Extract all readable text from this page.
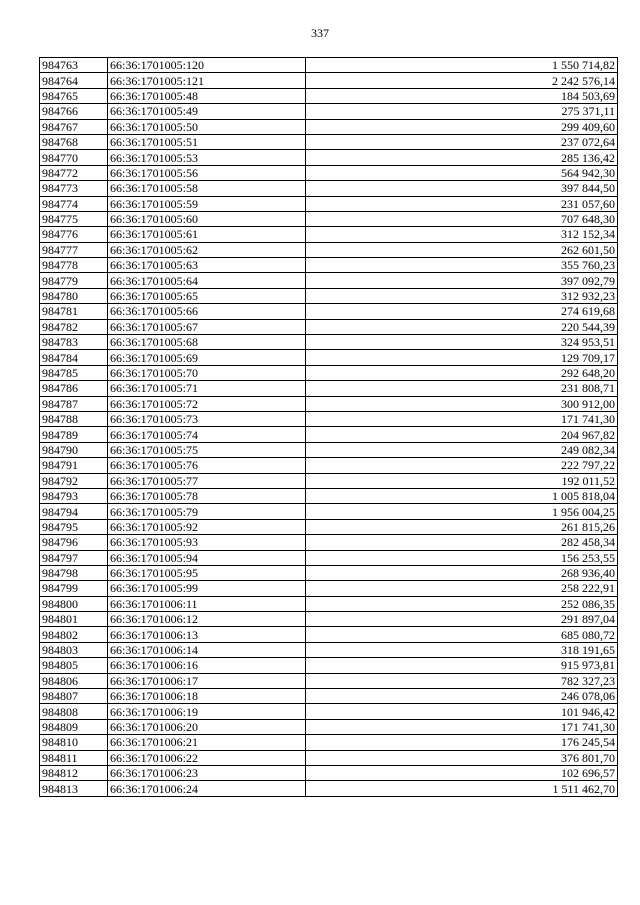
337
984763	66:36:1701005:120	1 550 714,82
984764	66:36:1701005:121	2 242 576,14
984765	66:36:1701005:48	184 503,69
984766	66:36:1701005:49	275 371,11
984767	66:36:1701005:50	299 409,60
984768	66:36:1701005:51	237 072,64
984770	66:36:1701005:53	285 136,42
984772	66:36:1701005:56	564 942,30
984773	66:36:1701005:58	397 844,50
984774	66:36:1701005:59	231 057,60
984775	66:36:1701005:60	707 648,30
984776	66:36:1701005:61	312 152,34
984777	66:36:1701005:62	262 601,50
984778	66:36:1701005:63	355 760,23
984779	66:36:1701005:64	397 092,79
984780	66:36:1701005:65	312 932,23
984781	66:36:1701005:66	274 619,68
984782	66:36:1701005:67	220 544,39
984783	66:36:1701005:68	324 953,51
984784	66:36:1701005:69	129 709,17
984785	66:36:1701005:70	292 648,20
984786	66:36:1701005:71	231 808,71
984787	66:36:1701005:72	300 912,00
984788	66:36:1701005:73	171 741,30
984789	66:36:1701005:74	204 967,82
984790	66:36:1701005:75	249 082,34
984791	66:36:1701005:76	222 797,22
984792	66:36:1701005:77	192 011,52
984793	66:36:1701005:78	1 005 818,04
984794	66:36:1701005:79	1 956 004,25
984795	66:36:1701005:92	261 815,26
984796	66:36:1701005:93	282 458,34
984797	66:36:1701005:94	156 253,55
984798	66:36:1701005:95	268 936,40
984799	66:36:1701005:99	258 222,91
984800	66:36:1701006:11	252 086,35
984801	66:36:1701006:12	291 897,04
984802	66:36:1701006:13	685 080,72
984803	66:36:1701006:14	318 191,65
984805	66:36:1701006:16	915 973,81
984806	66:36:1701006:17	782 327,23
984807	66:36:1701006:18	246 078,06
984808	66:36:1701006:19	101 946,42
984809	66:36:1701006:20	171 741,30
984810	66:36:1701006:21	176 245,54
984811	66:36:1701006:22	376 801,70
984812	66:36:1701006:23	102 696,57
984813	66:36:1701006:24	1 511 462,70
